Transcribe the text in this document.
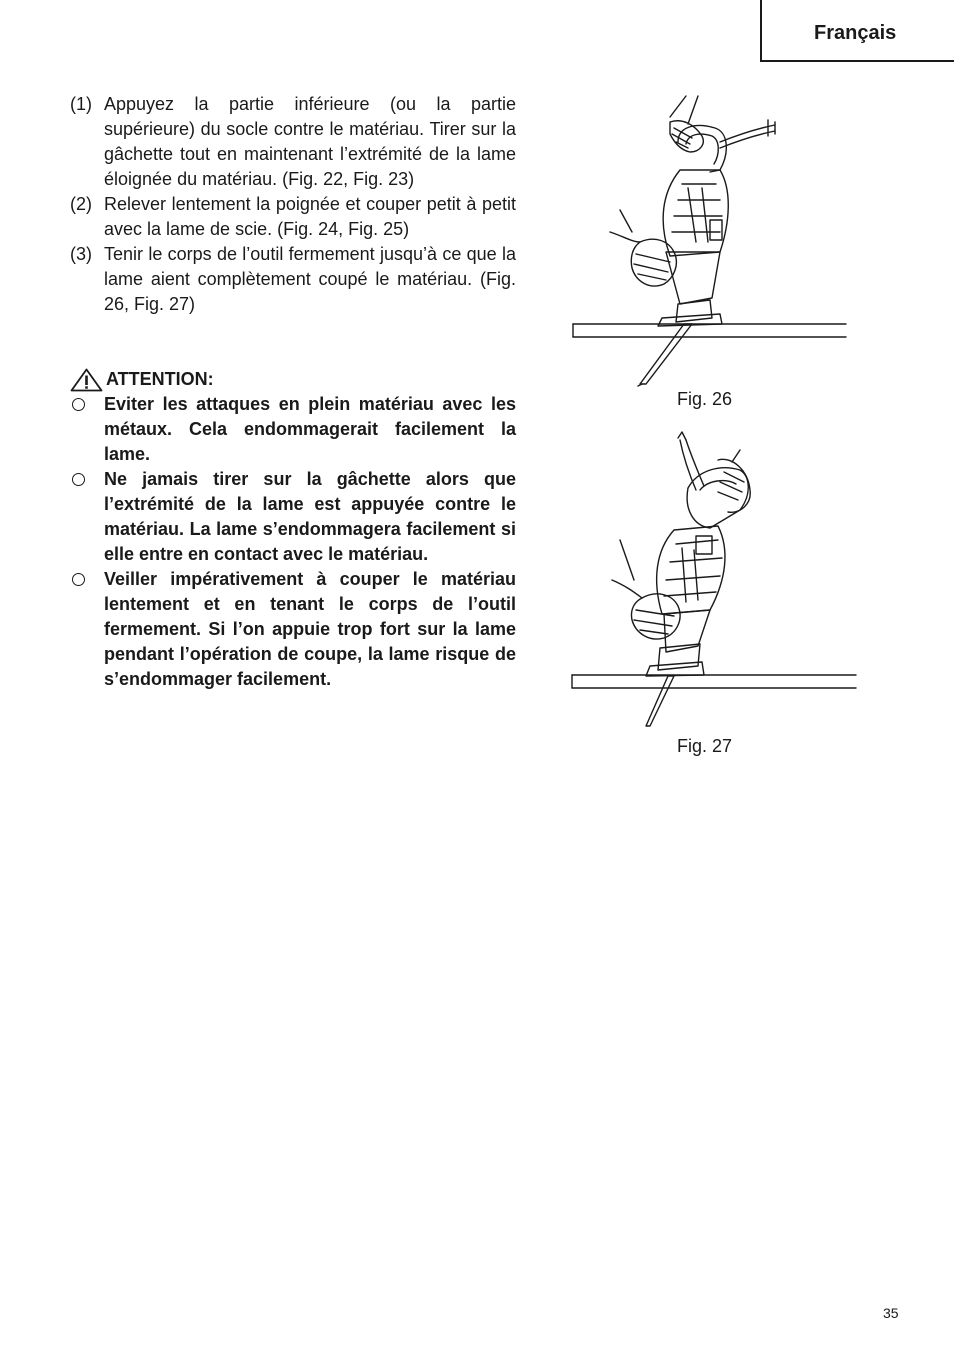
Français
(1) Appuyez la partie inférieure (ou la partie supérieure) du socle contre le matériau. Tirer sur la gâchette tout en maintenant l’extrémité de la lame éloignée du matériau. (Fig. 22, Fig. 23)
(2) Relever lentement la poignée et couper petit à petit avec la lame de scie. (Fig. 24, Fig. 25)
(3) Tenir le corps de l’outil fermement jusqu’à ce que la lame aient complètement coupé le matériau. (Fig. 26, Fig. 27)
ATTENTION:
Eviter les attaques en plein matériau avec les métaux. Cela endommagerait facilement la lame.
Ne jamais tirer sur la gâchette alors que l’extrémité de la lame est appuyée contre le matériau. La lame s’endommagera facilement si elle entre en contact avec le matériau.
Veiller impérativement à couper le matériau lentement et en tenant le corps de l’outil fermement. Si l’on appuie trop fort sur la lame pendant l’opération de coupe, la lame risque de s’endommager facilement.
Fig. 26
Fig. 27
35
